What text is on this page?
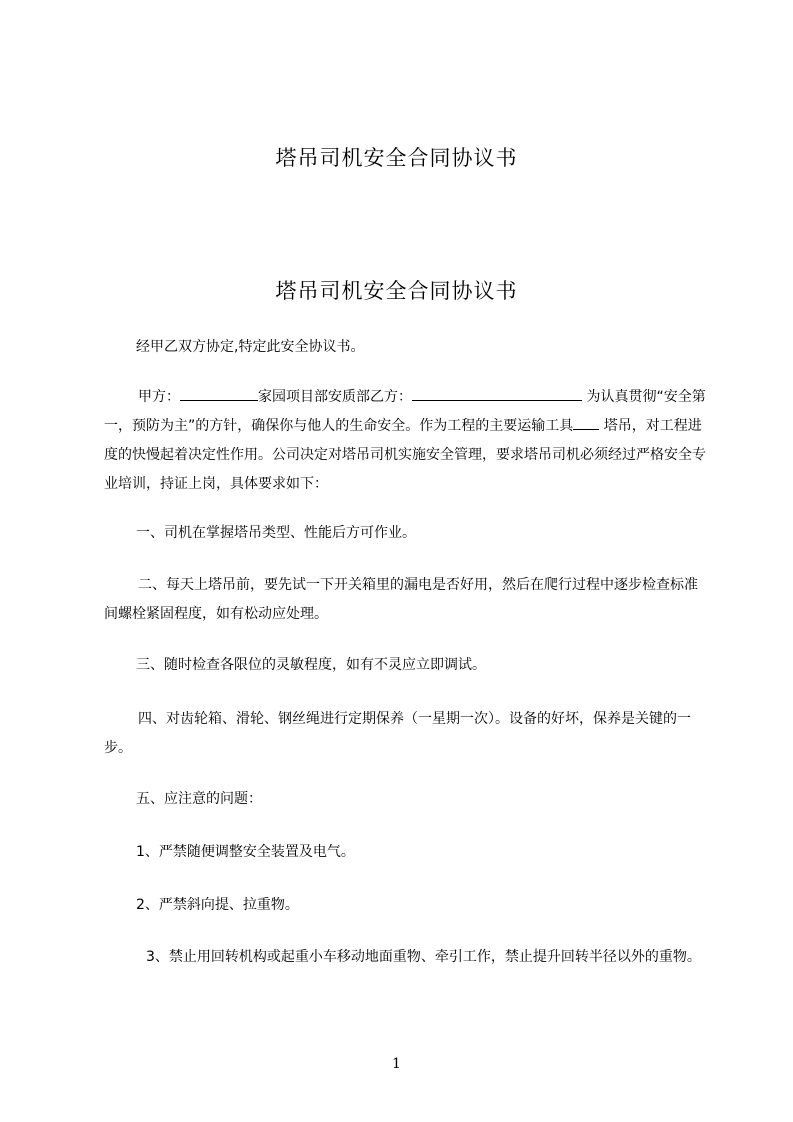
塔吊司机安全合同协议书
塔吊司机安全合同协议书

经甲乙双方协定,特定此安全协议书。

甲方：	家园项目部安质部乙方：	为认真贯彻“安全第一，预防为主”的方针，确保你与他人的生命安全。作为工程的主要运输工具 塔吊，对工程进度的快慢起着决定性作用。公司决定对塔吊司机实施安全管理，要求塔吊司机必须经过严格安全专业培训，持证上岗，具体要求如下：

一、司机在掌握塔吊类型、性能后方可作业。

二、每天上塔吊前，要先试一下开关箱里的漏电是否好用，然后在爬行过程中逐步检查标准间螺栓紧固程度，如有松动应处理。

三、随时检查各限位的灵敏程度，如有不灵应立即调试。

四、对齿轮箱、滑轮、钢丝绳进行定期保养（一星期一次）。设备的好坏，保养是关键的一步。

五、应注意的问题：

1、严禁随便调整安全装置及电气。

2、严禁斜向提、拉重物。

3、禁止用回转机构或起重小车移动地面重物、牵引工作，禁止提升回转半径以外的重物。

1
